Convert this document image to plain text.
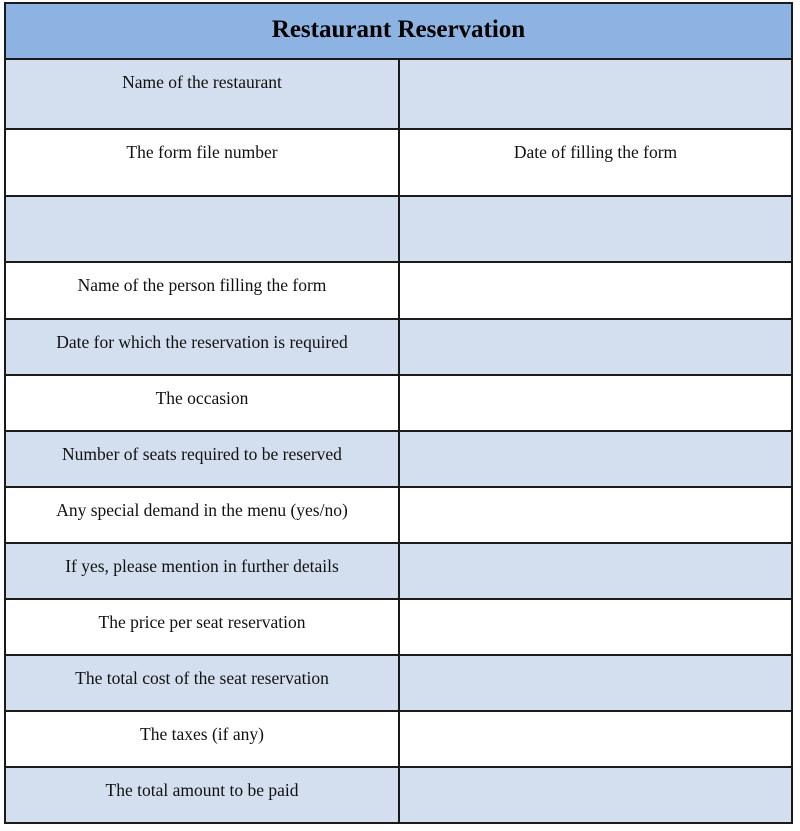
Restaurant Reservation
Name of the restaurant
The form file number	Date of filling the form
Name of the person filling the form
Date for which the reservation is required
The occasion
Number of seats required to be reserved
Any special demand in the menu (yes/no)
If yes, please mention in further details
The price per seat reservation
The total cost of the seat reservation
The taxes (if any)
The total amount to be paid
